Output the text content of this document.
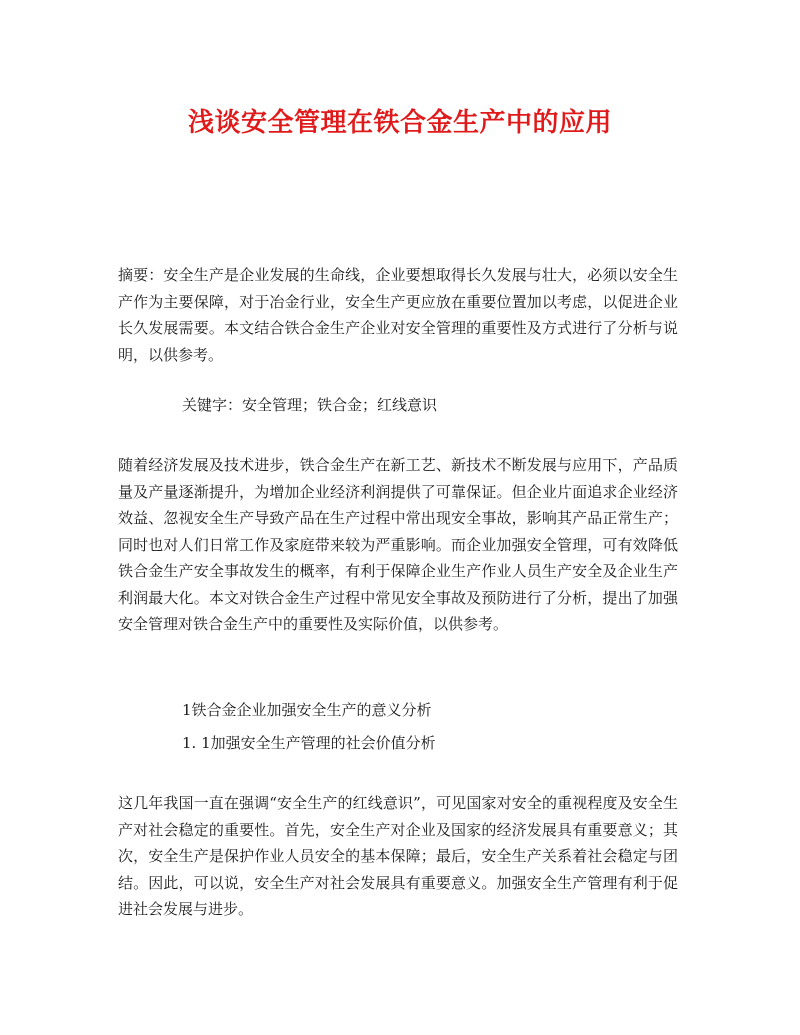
浅谈安全管理在铁合金生产中的应用
摘要：安全生产是企业发展的生命线，企业要想取得长久发展与壮大，必须以安全生产作为主要保障，对于冶金行业，安全生产更应放在重要位置加以考虑，以促进企业长久发展需要。本文结合铁合金生产企业对安全管理的重要性及方式进行了分析与说明，以供参考。
关键字：安全管理；铁合金；红线意识
随着经济发展及技术进步，铁合金生产在新工艺、新技术不断发展与应用下，产品质量及产量逐渐提升，为增加企业经济利润提供了可靠保证。但企业片面追求企业经济效益、忽视安全生产导致产品在生产过程中常出现安全事故，影响其产品正常生产；同时也对人们日常工作及家庭带来较为严重影响。而企业加强安全管理，可有效降低铁合金生产安全事故发生的概率，有利于保障企业生产作业人员生产安全及企业生产利润最大化。本文对铁合金生产过程中常见安全事故及预防进行了分析，提出了加强安全管理对铁合金生产中的重要性及实际价值，以供参考。
1铁合金企业加强安全生产的意义分析
1. 1加强安全生产管理的社会价值分析
这几年我国一直在强调“安全生产的红线意识”，可见国家对安全的重视程度及安全生产对社会稳定的重要性。首先，安全生产对企业及国家的经济发展具有重要意义；其次，安全生产是保护作业人员安全的基本保障；最后，安全生产关系着社会稳定与团结。因此，可以说，安全生产对社会发展具有重要意义。加强安全生产管理有利于促进社会发展与进步。
